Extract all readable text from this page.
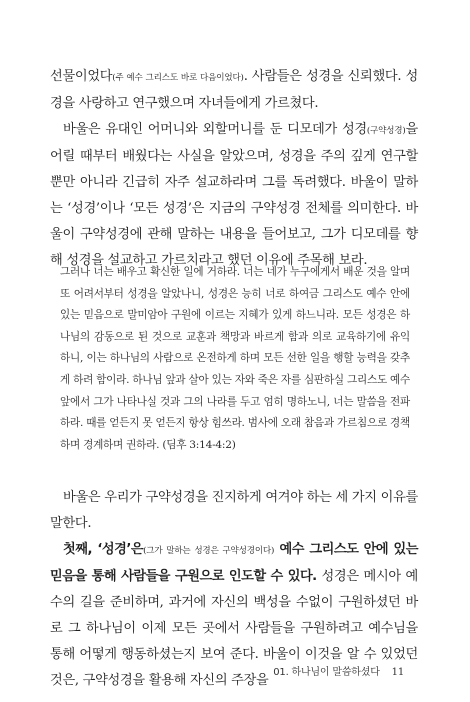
선물이었다(주 예수 그리스도 바로 다음이었다). 사람들은 성경을 신뢰했다. 성경을 사랑하고 연구했으며 자녀들에게 가르쳤다.

바울은 유대인 어머니와 외할머니를 둔 디모데가 성경(구약성경)을 어릴 때부터 배웠다는 사실을 알았으며, 성경을 주의 깊게 연구할 뿐만 아니라 긴급히 자주 설교하라며 그를 독려했다. 바울이 말하는 ‘성경’이나 ‘모든 성경’은 지금의 구약성경 전체를 의미한다. 바울이 구약성경에 관해 말하는 내용을 들어보고, 그가 디모데를 향해 성경을 설교하고 가르치라고 했던 이유에 주목해 보라.

그러나 너는 배우고 확신한 일에 거하라. 너는 네가 누구에게서 배운 것을 알며 또 어려서부터 성경을 알았나니, 성경은 능히 너로 하여금 그리스도 예수 안에 있는 믿음으로 말미암아 구원에 이르는 지혜가 있게 하느니라. 모든 성경은 하나님의 감동으로 된 것으로 교훈과 책망과 바르게 함과 의로 교육하기에 유익하니, 이는 하나님의 사람으로 온전하게 하며 모든 선한 일을 행할 능력을 갖추게 하려 함이라. 하나님 앞과 살아 있는 자와 죽은 자를 심판하실 그리스도 예수 앞에서 그가 나타나실 것과 그의 나라를 두고 엄히 명하노니, 너는 말씀을 전파하라. 때를 얻든지 못 얻든지 항상 힘쓰라. 범사에 오래 참음과 가르침으로 경책하며 경계하며 권하라. (딤후 3:14-4:2)

바울은 우리가 구약성경을 진지하게 여겨야 하는 세 가지 이유를 말한다.

첫째, ‘성경’은(그가 말하는 성경은 구약성경이다) 예수 그리스도 안에 있는 믿음을 통해 사람들을 구원으로 인도할 수 있다. 성경은 메시아 예수의 길을 준비하며, 과거에 자신의 백성을 수없이 구원하셨던 바로 그 하나님이 이제 모든 곳에서 사람들을 구원하려고 예수님을 통해 어떻게 행동하셨는지 보여 준다. 바울이 이것을 알 수 있었던 것은, 구약성경을 활용해 자신의 주장을

01. 하나님이 말씀하셨다 11
